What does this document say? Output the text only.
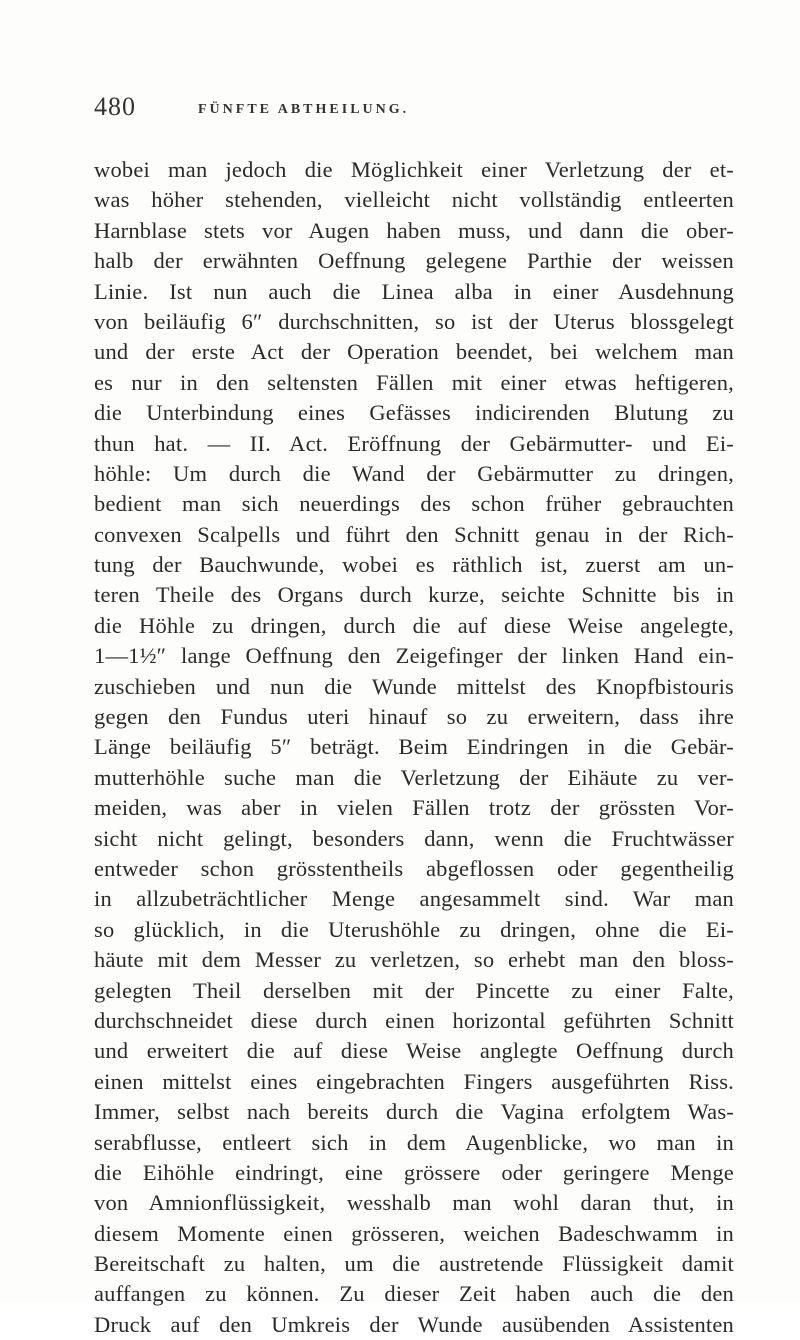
480	FÜNFTE ABTHEILUNG.
wobei man jedoch die Möglichkeit einer Verletzung der et-
was höher stehenden, vielleicht nicht vollständig entleerten
Harnblase stets vor Augen haben muss, und dann die ober-
halb der erwähnten Oeffnung gelegene Parthie der weissen
Linie. Ist nun auch die Linea alba in einer Ausdehnung
von beiläufig 6″ durchschnitten, so ist der Uterus blossgelegt
und der erste Act der Operation beendet, bei welchem man
es nur in den seltensten Fällen mit einer etwas heftigeren,
die Unterbindung eines Gefässes indicirenden Blutung zu
thun hat. — II. Act. Eröffnung der Gebärmutter- und Ei-
höhle: Um durch die Wand der Gebärmutter zu dringen,
bedient man sich neuerdings des schon früher gebrauchten
convexen Scalpells und führt den Schnitt genau in der Rich-
tung der Bauchwunde, wobei es räthlich ist, zuerst am un-
teren Theile des Organs durch kurze, seichte Schnitte bis in
die Höhle zu dringen, durch die auf diese Weise angelegte,
1—1½″ lange Oeffnung den Zeigefinger der linken Hand ein-
zuschieben und nun die Wunde mittelst des Knopfbistouris
gegen den Fundus uteri hinauf so zu erweitern, dass ihre
Länge beiläufig 5″ beträgt. Beim Eindringen in die Gebär-
mutterhöhle suche man die Verletzung der Eihäute zu ver-
meiden, was aber in vielen Fällen trotz der grössten Vor-
sicht nicht gelingt, besonders dann, wenn die Fruchtwässer
entweder schon grösstentheils abgeflossen oder gegentheilig
in allzubeträchtlicher Menge angesammelt sind. War man
so glücklich, in die Uterushöhle zu dringen, ohne die Ei-
häute mit dem Messer zu verletzen, so erhebt man den bloss-
gelegten Theil derselben mit der Pincette zu einer Falte,
durchschneidet diese durch einen horizontal geführten Schnitt
und erweitert die auf diese Weise anglegte Oeffnung durch
einen mittelst eines eingebrachten Fingers ausgeführten Riss.
Immer, selbst nach bereits durch die Vagina erfolgtem Was-
serabflusse, entleert sich in dem Augenblicke, wo man in
die Eihöhle eindringt, eine grössere oder geringere Menge
von Amnionflüssigkeit, wesshalb man wohl daran thut, in
diesem Momente einen grösseren, weichen Badeschwamm in
Bereitschaft zu halten, um die austretende Flüssigkeit damit
auffangen zu können. Zu dieser Zeit haben auch die den
Druck auf den Umkreis der Wunde ausübenden Assistenten
